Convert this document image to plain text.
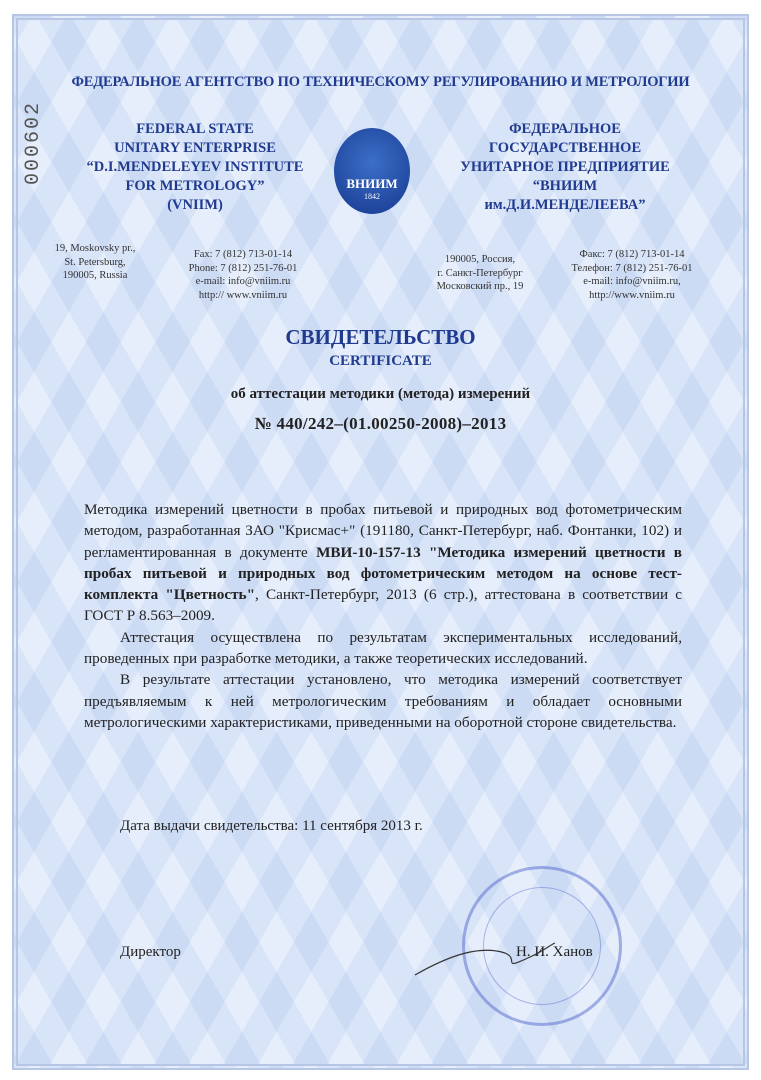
ФЕДЕРАЛЬНОЕ АГЕНТСТВО ПО ТЕХНИЧЕСКОМУ РЕГУЛИРОВАНИЮ И МЕТРОЛОГИИ
000602	FEDERAL STATE
UNITARY ENTERPRISE
“D.I.MENDELEYEV INSTITUTE
FOR METROLOGY”
(VNIIM)
ВНИИМ
1842
ФЕДЕРАЛЬНОЕ
ГОСУДАРСТВЕННОЕ
УНИТАРНОЕ ПРЕДПРИЯТИЕ
“ВНИИМ
им.Д.И.МЕНДЕЛЕЕВА”
19, Moskovsky pr.,
St. Petersburg,
190005, Russia
Fax: 7 (812) 713-01-14
Phone: 7 (812) 251-76-01
e-mail: info@vniim.ru
http:// www.vniim.ru
190005, Россия,
г. Санкт-Петербург
Московский пр., 19
Факс: 7 (812) 713-01-14
Телефон: 7 (812) 251-76-01
e-mail: info@vniim.ru,
http://www.vniim.ru
СВИДЕТЕЛЬСТВО
CERTIFICATE
об аттестации методики (метода) измерений
№ 440/242–(01.00250-2008)–2013

Методика измерений цветности в пробах питьевой и природных вод фотометрическим методом, разработанная ЗАО "Крисмас+" (191180, Санкт-Петербург, наб. Фонтанки, 102) и регламентированная в документе МВИ-10-157-13 "Методика измерений цветности в пробах питьевой и природных вод фотометрическим методом на основе тест-комплекта "Цветность", Санкт-Петербург, 2013 (6 стр.), аттестована в соответствии с ГОСТ Р 8.563–2009.

Аттестация осуществлена по результатам экспериментальных исследований, проведенных при разработке методики, а также теоретических исследований.

В результате аттестации установлено, что методика измерений соответствует предъявляемым к ней метрологическим требованиям и обладает основными метрологическими характеристиками, приведенными на оборотной стороне свидетельства.

Дата выдачи свидетельства: 11 сентября 2013 г.
Директор	Н. И. Ханов
